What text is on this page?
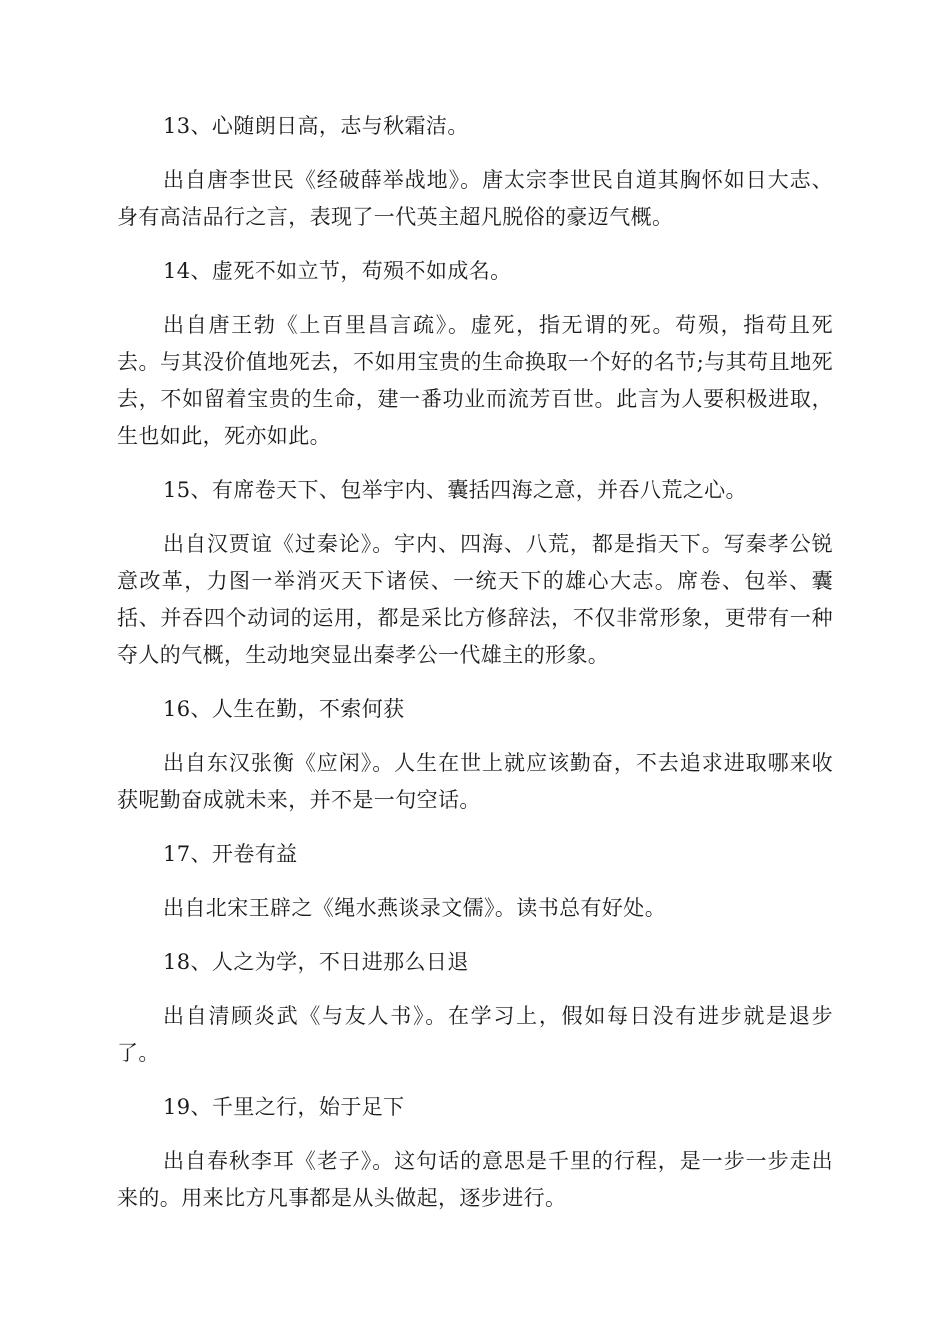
13、心随朗日高，志与秋霜洁。

出自唐李世民《经破薛举战地》。唐太宗李世民自道其胸怀如日大志、身有高洁品行之言，表现了一代英主超凡脱俗的豪迈气概。

14、虚死不如立节，苟殒不如成名。

出自唐王勃《上百里昌言疏》。虚死，指无谓的死。苟殒，指苟且死去。与其没价值地死去，不如用宝贵的生命换取一个好的名节;与其苟且地死去，不如留着宝贵的生命，建一番功业而流芳百世。此言为人要积极进取，生也如此，死亦如此。

15、有席卷天下、包举宇内、囊括四海之意，并吞八荒之心。

出自汉贾谊《过秦论》。宇内、四海、八荒，都是指天下。写秦孝公锐意改革，力图一举消灭天下诸侯、一统天下的雄心大志。席卷、包举、囊括、并吞四个动词的运用，都是采比方修辞法，不仅非常形象，更带有一种夺人的气概，生动地突显出秦孝公一代雄主的形象。

16、人生在勤，不索何获

出自东汉张衡《应闲》。人生在世上就应该勤奋，不去追求进取哪来收获呢勤奋成就未来，并不是一句空话。

17、开卷有益

出自北宋王辟之《绳水燕谈录文儒》。读书总有好处。

18、人之为学，不日进那么日退

出自清顾炎武《与友人书》。在学习上，假如每日没有进步就是退步了。

19、千里之行，始于足下

出自春秋李耳《老子》。这句话的意思是千里的行程，是一步一步走出来的。用来比方凡事都是从头做起，逐步进行。
